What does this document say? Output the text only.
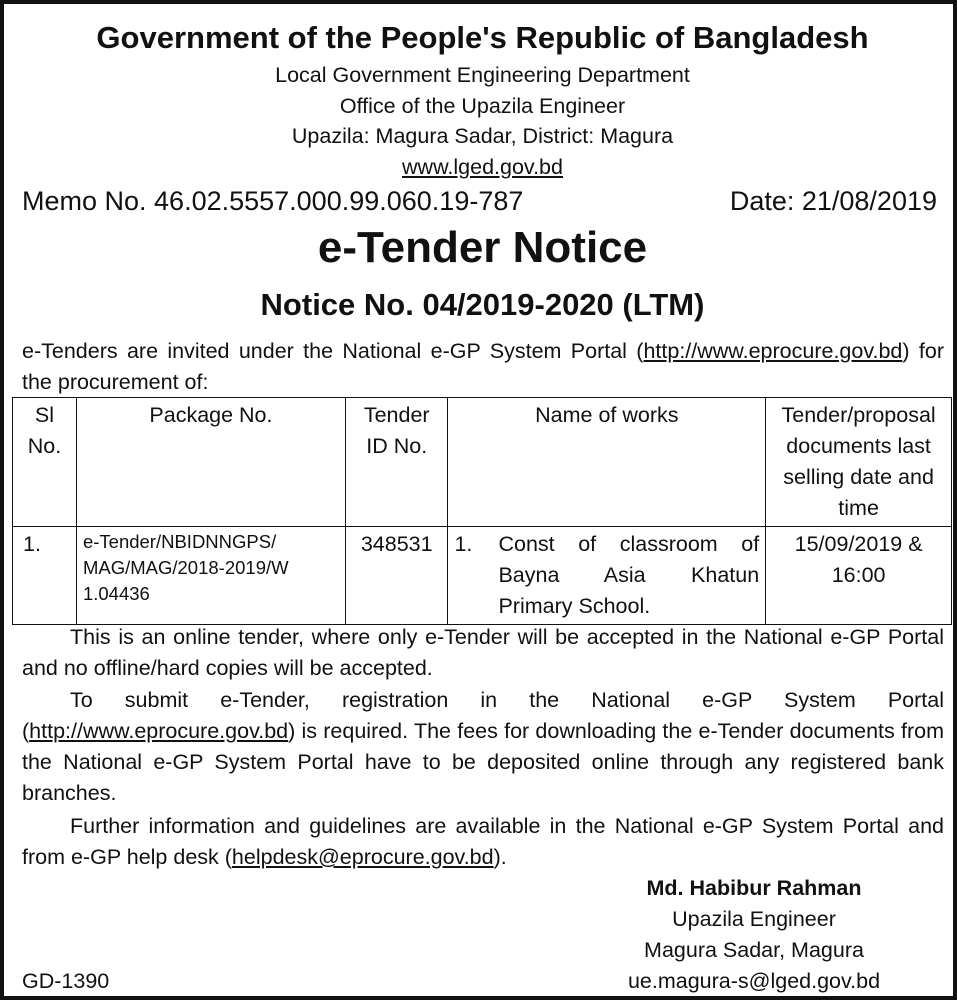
Government of the People's Republic of Bangladesh
Local Government Engineering Department
Office of the Upazila Engineer
Upazila: Magura Sadar, District: Magura
www.lged.gov.bd
Memo No. 46.02.5557.000.99.060.19-787	Date: 21/08/2019
e-Tender Notice
Notice No. 04/2019-2020 (LTM)
e-Tenders are invited under the National e-GP System Portal (http://www.eprocure.gov.bd) for the procurement of:
Sl No.	Package No.	Tender ID No.	Name of works	Tender/proposal documents last selling date and time
1.	e-Tender/NBIDNNGPS/ MAG/MAG/2018-2019/W 1.04436	348531	1. Const of classroom of Bayna Asia Khatun Primary School.	15/09/2019 & 16:00
This is an online tender, where only e-Tender will be accepted in the National e-GP Portal and no offline/hard copies will be accepted.
To submit e-Tender, registration in the National e-GP System Portal (http://www.eprocure.gov.bd) is required. The fees for downloading the e-Tender documents from the National e-GP System Portal have to be deposited online through any registered bank branches.
Further information and guidelines are available in the National e-GP System Portal and from e-GP help desk (helpdesk@eprocure.gov.bd).
Md. Habibur Rahman
Upazila Engineer
Magura Sadar, Magura
ue.magura-s@lged.gov.bd
GD-1390
